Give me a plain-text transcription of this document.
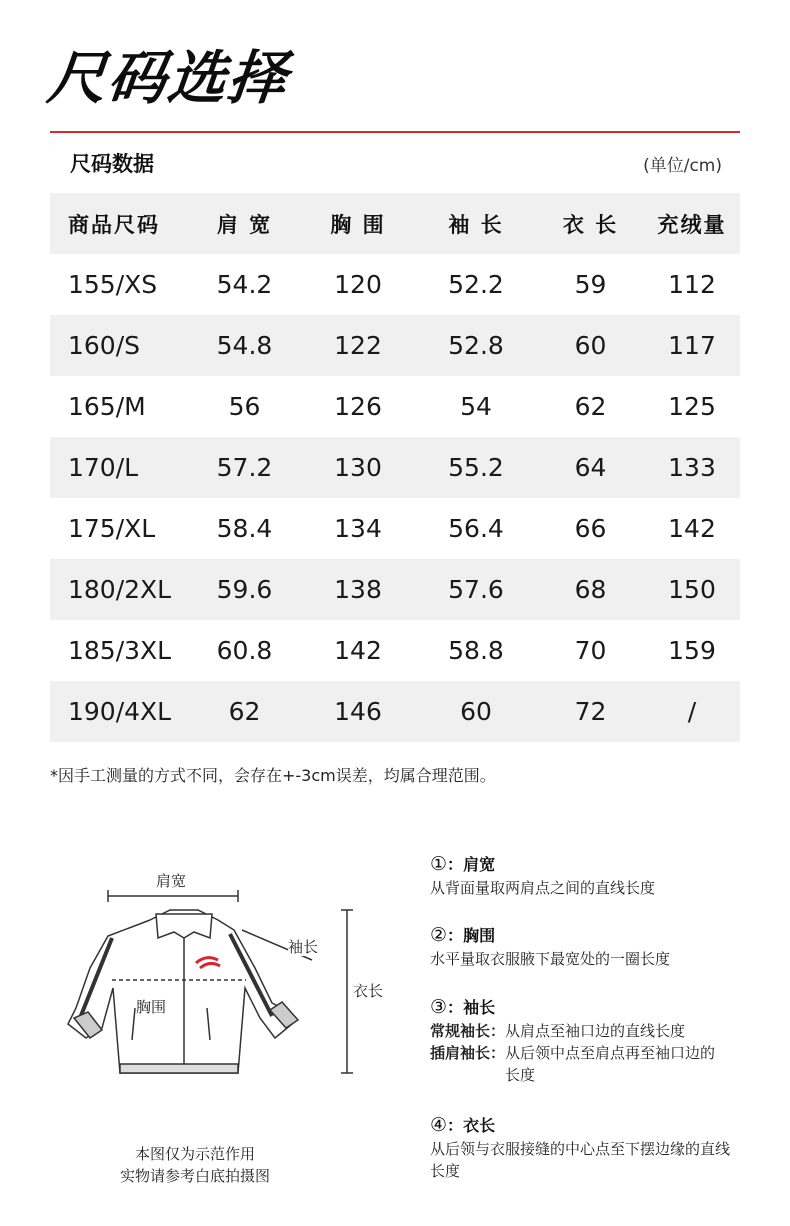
尺码选择
尺码数据	(单位/cm)
商品尺码	肩 宽	胸 围	袖 长	衣 长	充绒量
155/XS	54.2	120	52.2	59	112
160/S	54.8	122	52.8	60	117
165/M	56	126	54	62	125
170/L	57.2	130	55.2	64	133
175/XL	58.4	134	56.4	66	142
180/2XL	59.6	138	57.6	68	150
185/3XL	60.8	142	58.8	70	159
190/4XL	62	146	60	72	/
*因手工测量的方式不同，会存在+-3cm误差，均属合理范围。
肩宽
袖长
胸围
衣长
本图仅为示范作用
实物请参考白底拍摄图
①：肩宽
从背面量取两肩点之间的直线长度
②：胸围
水平量取衣服腋下最宽处的一圈长度
③：袖长
常规袖长： 从肩点至袖口边的直线长度
插肩袖长： 从后领中点至肩点再至袖口边的长度
④：衣长
从后领与衣服接缝的中心点至下摆边缘的直线长度
